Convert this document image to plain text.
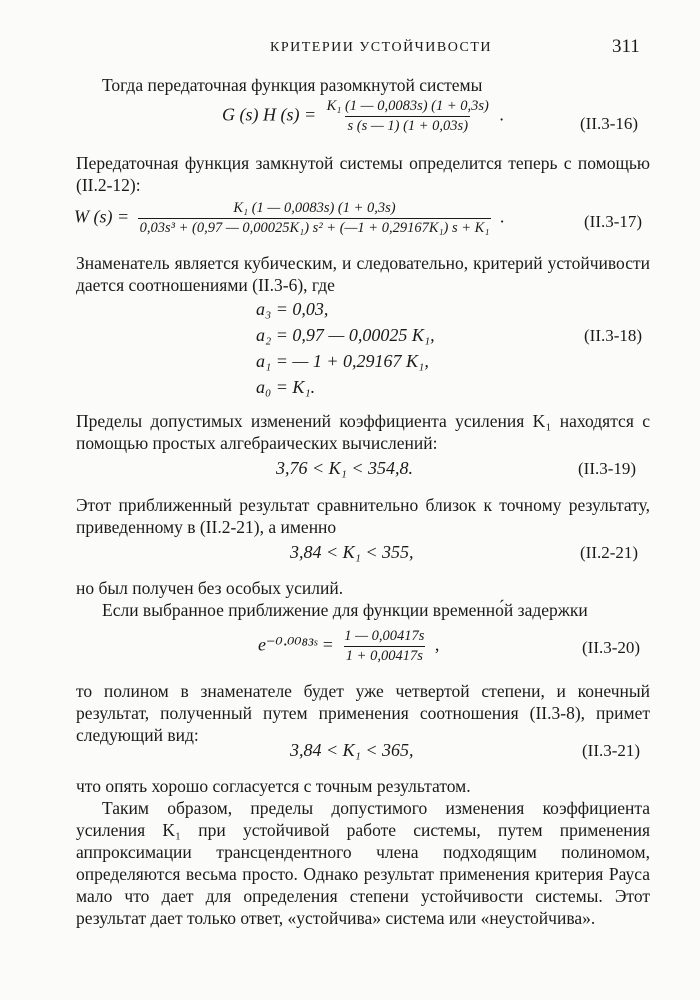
КРИТЕРИИ УСТОЙЧИВОСТИ	311
Тогда передаточная функция разомкнутой системы
G (s) H $(s) = \frac{\text{K₁ (1 — 0,0083s) (1 + 0,3s)}}{s (s — 1) (1 + 0,03s)}$ .	(II.3-16)
Передаточная функция замкнутой системы определится теперь с помощью (II.2-12):
W $(s) = \frac{\text{K₁ (1 — 0,0083s) (1 + 0,3s)}}{\text{0,03s³ + (0,97 — 0,00025K₁) s² + (—1 + 0,29167K₁) s + K₁}}$ .	(II.3-17)
Знаменатель является кубическим, и следовательно, критерий устойчивости дается соотношениями (II.3-6), где
a₃ = 0,03,
a₂ = 0,97 — 0,00025 K₁,
a₁ = — 1 + 0,29167 K₁,
a₀ = K₁.
(II.3-18)
Пределы допустимых изменений коэффициента усиления K₁ находятся с помощью простых алгебраических вычислений:
3,76 < K₁ < 354,8.	(II.3-19)
Этот приближенный результат сравнительно близок к точному результату, приведенному в (II.2-21), а именно
3,84 < K₁ < 355,	(II.2-21)
но был получен без особых усилий.
Если выбранное приближение для функции временно́й задержки
e⁻⁰·⁰⁰⁸³ˢ = $\frac{1 — 0,00417s}{1 + 0,00417s}$ ,	(II.3-20)
то полином в знаменателе будет уже четвертой степени, и конечный результат, полученный путем применения соотношения (II.3-8), примет следующий вид:
3,84 < K₁ < 365,	(II.3-21)
что опять хорошо согласуется с точным результатом.
Таким образом, пределы допустимого изменения коэффициента усиления K₁ при устойчивой работе системы, путем применения аппроксимации трансцендентного члена подходящим полиномом, определяются весьма просто. Однако результат применения критерия Рауса мало что дает для определения степени устойчивости системы. Этот результат дает только ответ, «устойчива» система или «неустойчива».
